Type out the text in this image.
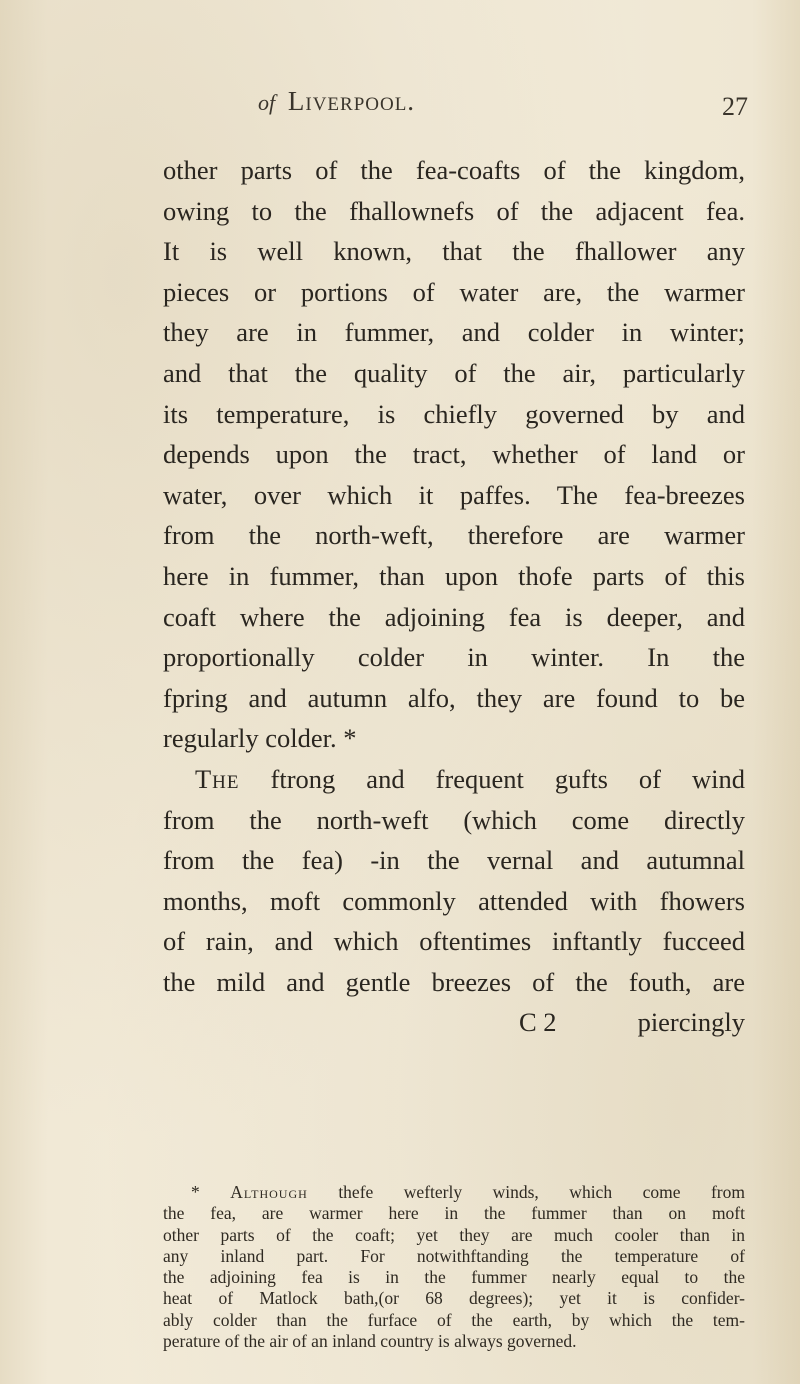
of Liverpool.	27
other parts of the fea-coafts of the kingdom,
owing to the fhallownefs of the adjacent fea.
It is well known, that the fhallower any
pieces or portions of water are, the warmer
they are in fummer, and colder in winter;
and that the quality of the air, particularly
its temperature, is chiefly governed by and
depends upon the tract, whether of land or
water, over which it paffes. The fea-breezes
from the north-weft, therefore are warmer
here in fummer, than upon thofe parts of this
coaft where the adjoining fea is deeper, and
proportionally colder in winter. In the
fpring and autumn alfo, they are found to be
regularly colder. *
The ftrong and frequent gufts of wind
from the north-weft (which come directly
from the fea) -in the vernal and autumnal
months, moft commonly attended with fhowers
of rain, and which oftentimes inftantly fucceed
the mild and gentle breezes of the fouth, are
C 2	piercingly
* Although thefe wefterly winds, which come from
the fea, are warmer here in the fummer than on moft
other parts of the coaft; yet they are much cooler than in
any inland part. For notwithftanding the temperature of
the adjoining fea is in the fummer nearly equal to the
heat of Matlock bath,(or 68 degrees); yet it is confider-
ably colder than the furface of the earth, by which the tem-
perature of the air of an inland country is always governed.
